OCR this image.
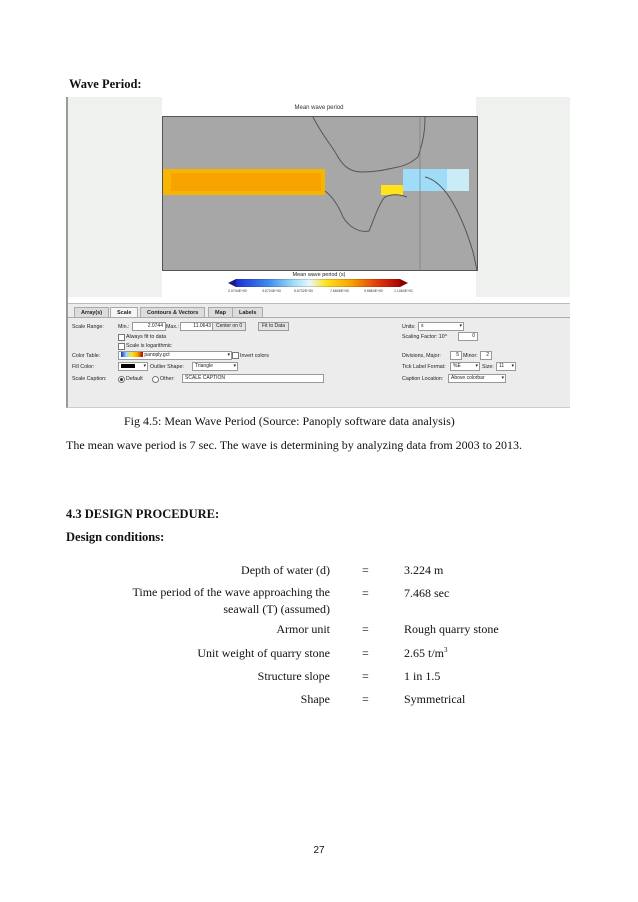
Wave Period:
Mean wave period
Mean wave period (s)
2.0744E+00	3.6724E+00	5.6732E+00	7.6606E+00	9.5864E+00	1.1064E+01
Array(s)	Scale	Contours & Vectors	Map	Labels
Scale Range:	Min.:	2.0744 Max.:	11.0643	Center on 0	Fit to Data	Units:	s	▾
Always fit to data	Scaling Factor: 10^	0
Scale is logarithmic
Color Table:	panoply.gct	▾ Invert colors	Divisions, Major:	5 Minor:	2
Fill Color:	▾ Outlier Shape:	Triangle	▾	Tick Label Format:	%E	▾ Size:	11 ▾
Scale Caption:	Default	Other:	SCALE CAPTION	Caption Location:	Above colorbar	▾
Fig 4.5: Mean Wave Period (Source: Panoply software data analysis)
The mean wave period is 7 sec. The wave is determining by analyzing data from 2003 to 2013.
4.3 DESIGN PROCEDURE:
Design conditions:
Depth of water (d)	=	3.224 m
Time period of the wave approaching the
seawall (T) (assumed)
=	7.468 sec
Armor unit	=	Rough quarry stone
Unit weight of quarry stone	=	2.65 $t/m^3$
Structure slope	=	1 in 1.5
Shape	=	Symmetrical
27
